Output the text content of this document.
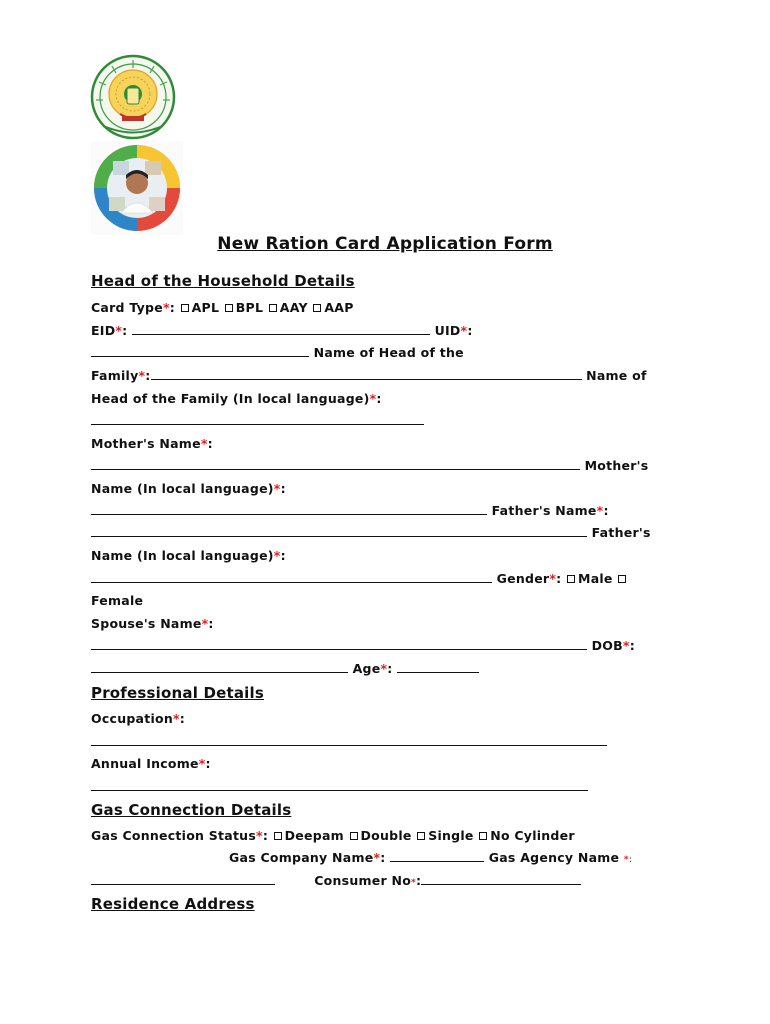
New Ration Card Application Form
Head of the Household Details
Card Type*: APL BPL AAY AAP
EID*:	UID*:
Name of Head of the
Family*:	Name of
Head of the Family (In local language)*:
Mother's Name*:
Mother's
Name (In local language)*:
Father's Name*:
Father's
Name (In local language)*:
Gender*: Male
Female
Spouse's Name*:
DOB*:
Age*:
Professional Details
Occupation*:
Annual Income*:
Gas Connection Details
Gas Connection Status*: Deepam Double Single No Cylinder
Gas Company Name*:	Gas Agency Name *:
Consumer No*:
Residence Address
